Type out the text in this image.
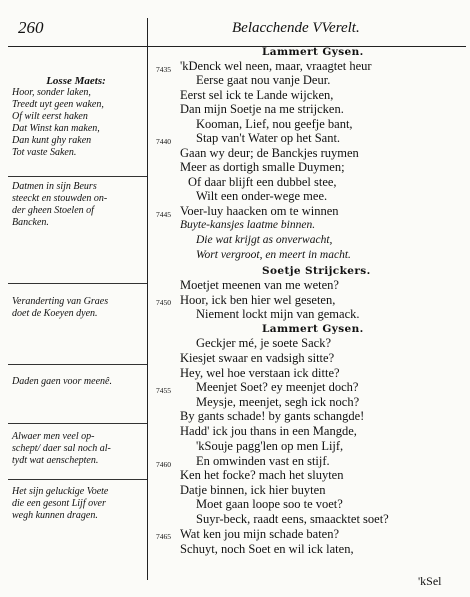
260	Belacchende VVerelt.
Losse Maets:
Hoor, sonder laken,
Treedt uyt geen waken,
Of wilt eerst haken
Dat Winst kan maken,
Dan kunt ghy raken
Tot vaste Saken.
Datmen in sijn Beurs
steeckt en stouwden on-
der gheen Stoelen of
Bancken.
Veranderting van Graes
doet de Koeyen dyen.
Daden gaen voor meenê.
Alwaer men veel op-
schept/ daer sal noch al-
tydt wat aenschepten.
Het sijn geluckige Voete
die een gesont Lijf over
wegh kunnen dragen.
7435
7440
7445
7450
7455
7460
7465
Lammert Gysen.
'kDenck wel neen, maar, vraagtet heur
Eerse gaat nou vanje Deur.
Eerst sel ick te Lande wijcken,
Dan mijn Soetje na me strijcken.
Kooman, Lief, nou geefje bant,
Stap van't Water op het Sant.
Gaan wy deur; de Banckjes ruymen
Meer as dortigh smalle Duymen;
Of daar blijft een dubbel stee,
Wilt een onder-wege mee.
Voer-luy haacken om te winnen
Buyte-kansjes laatme binnen.
Die wat krijgt as onverwacht,
Wort vergroot, en meert in macht.
Soetje Strijckers.
Moetjet meenen van me weten?
Hoor, ick ben hier wel geseten,
Niement lockt mijn van gemack.
Lammert Gysen.
Geckjer mé, je soete Sack?
Kiesjet swaar en vadsigh sitte?
Hey, wel hoe verstaan ick ditte?
Meenjet Soet? ey meenjet doch?
Meysje, meenjet, segh ick noch?
By gants schade! by gants schangde!
Hadd' ick jou thans in een Mangde,
'kSouje pagg'len op men Lijf,
En omwinden vast en stijf.
Ken het focke? mach het sluyten
Datje binnen, ick hier buyten
Moet gaan loope soo te voet?
Suyr-beck, raadt eens, smaacktet soet?
Wat ken jou mijn schade baten?
Schuyt, noch Soet en wil ick laten,
'kSel
